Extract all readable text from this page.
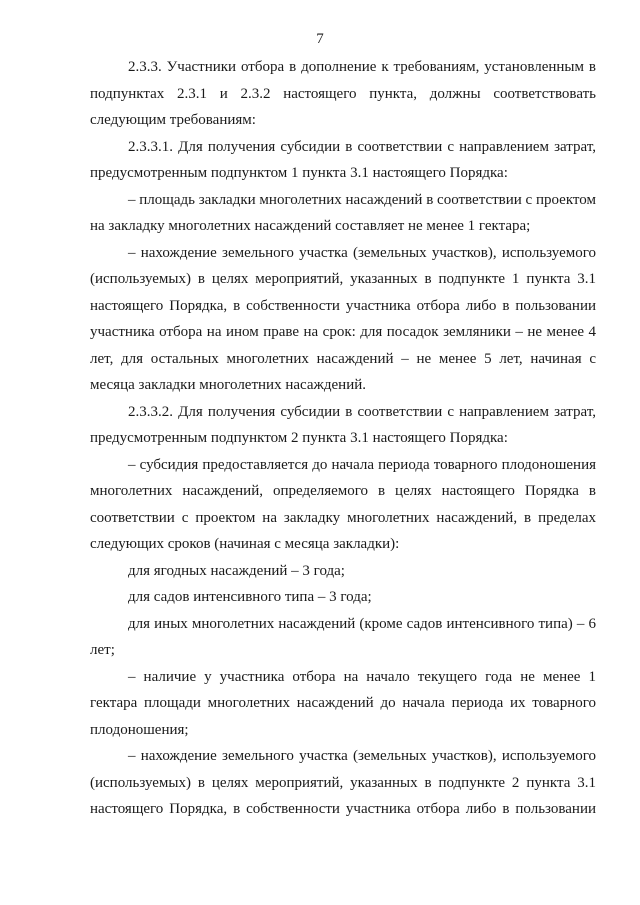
7

2.3.3. Участники отбора в дополнение к требованиям, установленным в подпунктах 2.3.1 и 2.3.2 настоящего пункта, должны соответствовать следующим требованиям:

2.3.3.1. Для получения субсидии в соответствии с направлением затрат, предусмотренным подпунктом 1 пункта 3.1 настоящего Порядка:

– площадь закладки многолетних насаждений в соответствии с проектом на закладку многолетних насаждений составляет не менее 1 гектара;

– нахождение земельного участка (земельных участков), используемого (используемых) в целях мероприятий, указанных в подпункте 1 пункта 3.1 настоящего Порядка, в собственности участника отбора либо в пользовании участника отбора на ином праве на срок: для посадок земляники – не менее 4 лет, для остальных многолетних насаждений – не менее 5 лет, начиная с месяца закладки многолетних насаждений.

2.3.3.2. Для получения субсидии в соответствии с направлением затрат, предусмотренным подпунктом 2 пункта 3.1 настоящего Порядка:

– субсидия предоставляется до начала периода товарного плодоношения многолетних насаждений, определяемого в целях настоящего Порядка в соответствии с проектом на закладку многолетних насаждений, в пределах следующих сроков (начиная с месяца закладки):

для ягодных насаждений – 3 года;

для садов интенсивного типа – 3 года;

для иных многолетних насаждений (кроме садов интенсивного типа) – 6 лет;

– наличие у участника отбора на начало текущего года не менее 1 гектара площади многолетних насаждений до начала периода их товарного плодоношения;

– нахождение земельного участка (земельных участков), используемого (используемых) в целях мероприятий, указанных в подпункте 2 пункта 3.1 настоящего Порядка, в собственности участника отбора либо в пользовании
